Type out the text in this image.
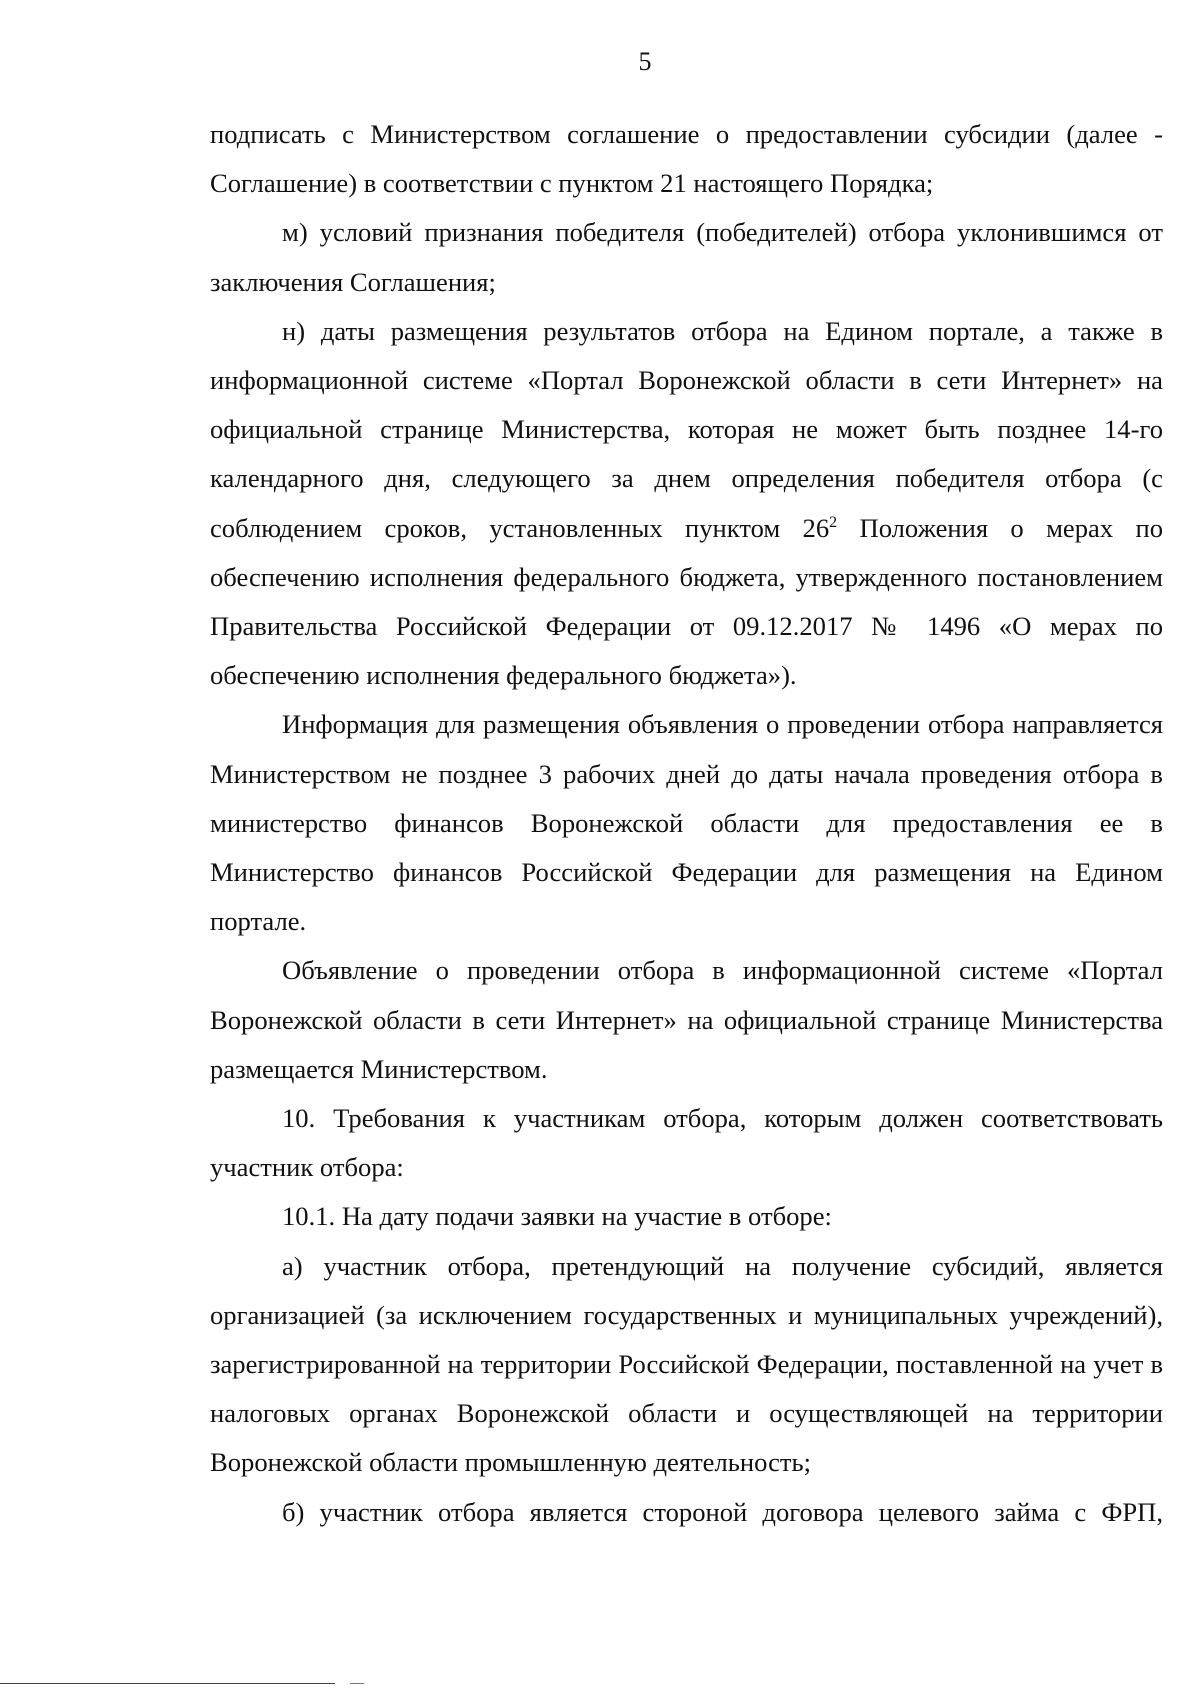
5

подписать с Министерством соглашение о предоставлении субсидии (далее - Соглашение) в соответствии с пунктом 21 настоящего Порядка;

м) условий признания победителя (победителей) отбора уклонившимся от заключения Соглашения;

н) даты размещения результатов отбора на Едином портале, а также в информационной системе «Портал Воронежской области в сети Интернет» на официальной странице Министерства, которая не может быть позднее 14-го календарного дня, следующего за днем определения победителя отбора (с соблюдением сроков, установленных пунктом $26^2$ Положения о мерах по обеспечению исполнения федерального бюджета, утвержденного постановлением Правительства Российской Федерации от 09.12.2017 № 1496 «О мерах по обеспечению исполнения федерального бюджета»).

Информация для размещения объявления о проведении отбора направляется Министерством не позднее 3 рабочих дней до даты начала проведения отбора в министерство финансов Воронежской области для предоставления ее в Министерство финансов Российской Федерации для размещения на Едином портале.

Объявление о проведении отбора в информационной системе «Портал Воронежской области в сети Интернет» на официальной странице Министерства размещается Министерством.

10. Требования к участникам отбора, которым должен соответствовать участник отбора:

10.1. На дату подачи заявки на участие в отборе:

а) участник отбора, претендующий на получение субсидий, является организацией (за исключением государственных и муниципальных учреждений), зарегистрированной на территории Российской Федерации, поставленной на учет в налоговых органах Воронежской области и осуществляющей на территории Воронежской области промышленную деятельность;

б) участник отбора является стороной договора целевого займа с ФРП,
